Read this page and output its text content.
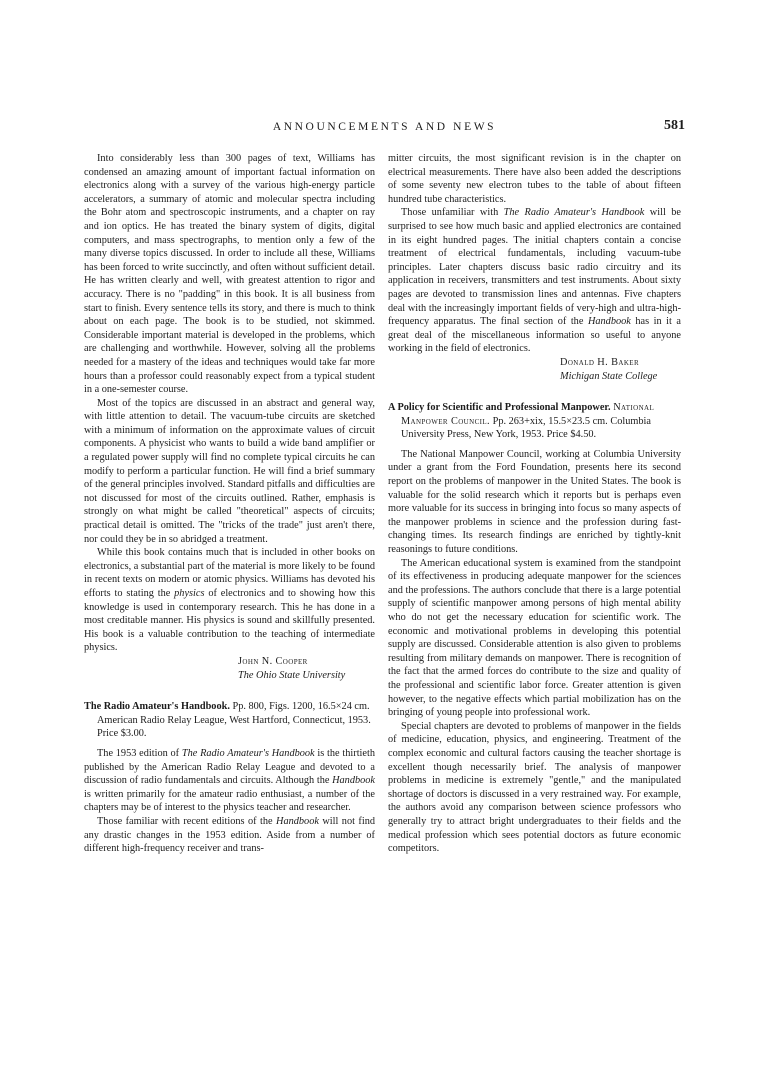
ANNOUNCEMENTS AND NEWS	581

Into considerably less than 300 pages of text, Williams has condensed an amazing amount of important factual information on electronics along with a survey of the various high-energy particle accelerators, a summary of atomic and molecular spectra including the Bohr atom and spectroscopic instruments, and a chapter on ray and ion optics. He has treated the binary system of digits, digital computers, and mass spectrographs, to mention only a few of the many diverse topics discussed. In order to include all these, Williams has been forced to write succinctly, and often without sufficient detail. He has written clearly and well, with greatest attention to rigor and accuracy. There is no "padding" in this book. It is all business from start to finish. Every sentence tells its story, and there is much to think about on each page. The book is to be studied, not skimmed. Considerable important material is developed in the problems, which are challenging and worthwhile. However, solving all the problems needed for a mastery of the ideas and techniques would take far more hours than a professor could reasonably expect from a typical student in a one-semester course.

Most of the topics are discussed in an abstract and general way, with little attention to detail. The vacuum-tube circuits are sketched with a minimum of information on the approximate values of circuit components. A physicist who wants to build a wide band amplifier or a regulated power supply will find no complete typical circuits he can modify to perform a particular function. He will find a brief summary of the general principles involved. Standard pitfalls and difficulties are not discussed for most of the circuits outlined. Rather, emphasis is strongly on what might be called "theoretical" aspects of circuits; practical detail is omitted. The "tricks of the trade" just aren't there, nor could they be in so abridged a treatment.

While this book contains much that is included in other books on electronics, a substantial part of the material is more likely to be found in recent texts on modern or atomic physics. Williams has devoted his efforts to stating the physics of electronics and to showing how this knowledge is used in contemporary research. This he has done in a most creditable manner. His physics is sound and skillfully presented. His book is a valuable contribution to the teaching of intermediate physics.

John N. Cooper
The Ohio State University

The Radio Amateur's Handbook. Pp. 800, Figs. 1200, 16.5×24 cm. American Radio Relay League, West Hartford, Connecticut, 1953. Price $3.00.

The 1953 edition of The Radio Amateur's Handbook is the thirtieth published by the American Radio Relay League and devoted to a discussion of radio fundamentals and circuits. Although the Handbook is written primarily for the amateur radio enthusiast, a number of the chapters may be of interest to the physics teacher and researcher.

Those familiar with recent editions of the Handbook will not find any drastic changes in the 1953 edition. Aside from a number of different high-frequency receiver and trans-

mitter circuits, the most significant revision is in the chapter on electrical measurements. There have also been added the descriptions of some seventy new electron tubes to the table of about fifteen hundred tube characteristics.

Those unfamiliar with The Radio Amateur's Handbook will be surprised to see how much basic and applied electronics are contained in its eight hundred pages. The initial chapters contain a concise treatment of electrical fundamentals, including vacuum-tube principles. Later chapters discuss basic radio circuitry and its application in receivers, transmitters and test instruments. About sixty pages are devoted to transmission lines and antennas. Five chapters deal with the increasingly important fields of very-high and ultra-high-frequency apparatus. The final section of the Handbook has in it a great deal of the miscellaneous information so useful to anyone working in the field of electronics.

Donald H. Baker
Michigan State College

A Policy for Scientific and Professional Manpower. National Manpower Council. Pp. 263+xix, 15.5×23.5 cm. Columbia University Press, New York, 1953. Price $4.50.

The National Manpower Council, working at Columbia University under a grant from the Ford Foundation, presents here its second report on the problems of manpower in the United States. The book is valuable for the solid research which it reports but is perhaps even more valuable for its success in bringing into focus so many aspects of the manpower problems in science and the profession during fast-changing times. Its research findings are enriched by tightly-knit reasonings to future conditions.

The American educational system is examined from the standpoint of its effectiveness in producing adequate manpower for the sciences and the professions. The authors conclude that there is a large potential supply of scientific manpower among persons of high mental ability who do not get the necessary education for scientific work. The economic and motivational problems in developing this potential supply are discussed. Considerable attention is also given to problems resulting from military demands on manpower. There is recognition of the fact that the armed forces do contribute to the size and quality of the professional and scientific labor force. Greater attention is given however, to the negative effects which partial mobilization has on the bringing of young people into professional work.

Special chapters are devoted to problems of manpower in the fields of medicine, education, physics, and engineering. Treatment of the complex economic and cultural factors causing the teacher shortage is excellent though necessarily brief. The analysis of manpower problems in medicine is extremely "gentle," and the manipulated shortage of doctors is discussed in a very restrained way. For example, the authors avoid any comparison between science professors who generally try to attract bright undergraduates to their fields and the medical profession which sees potential doctors as future economic competitors.
